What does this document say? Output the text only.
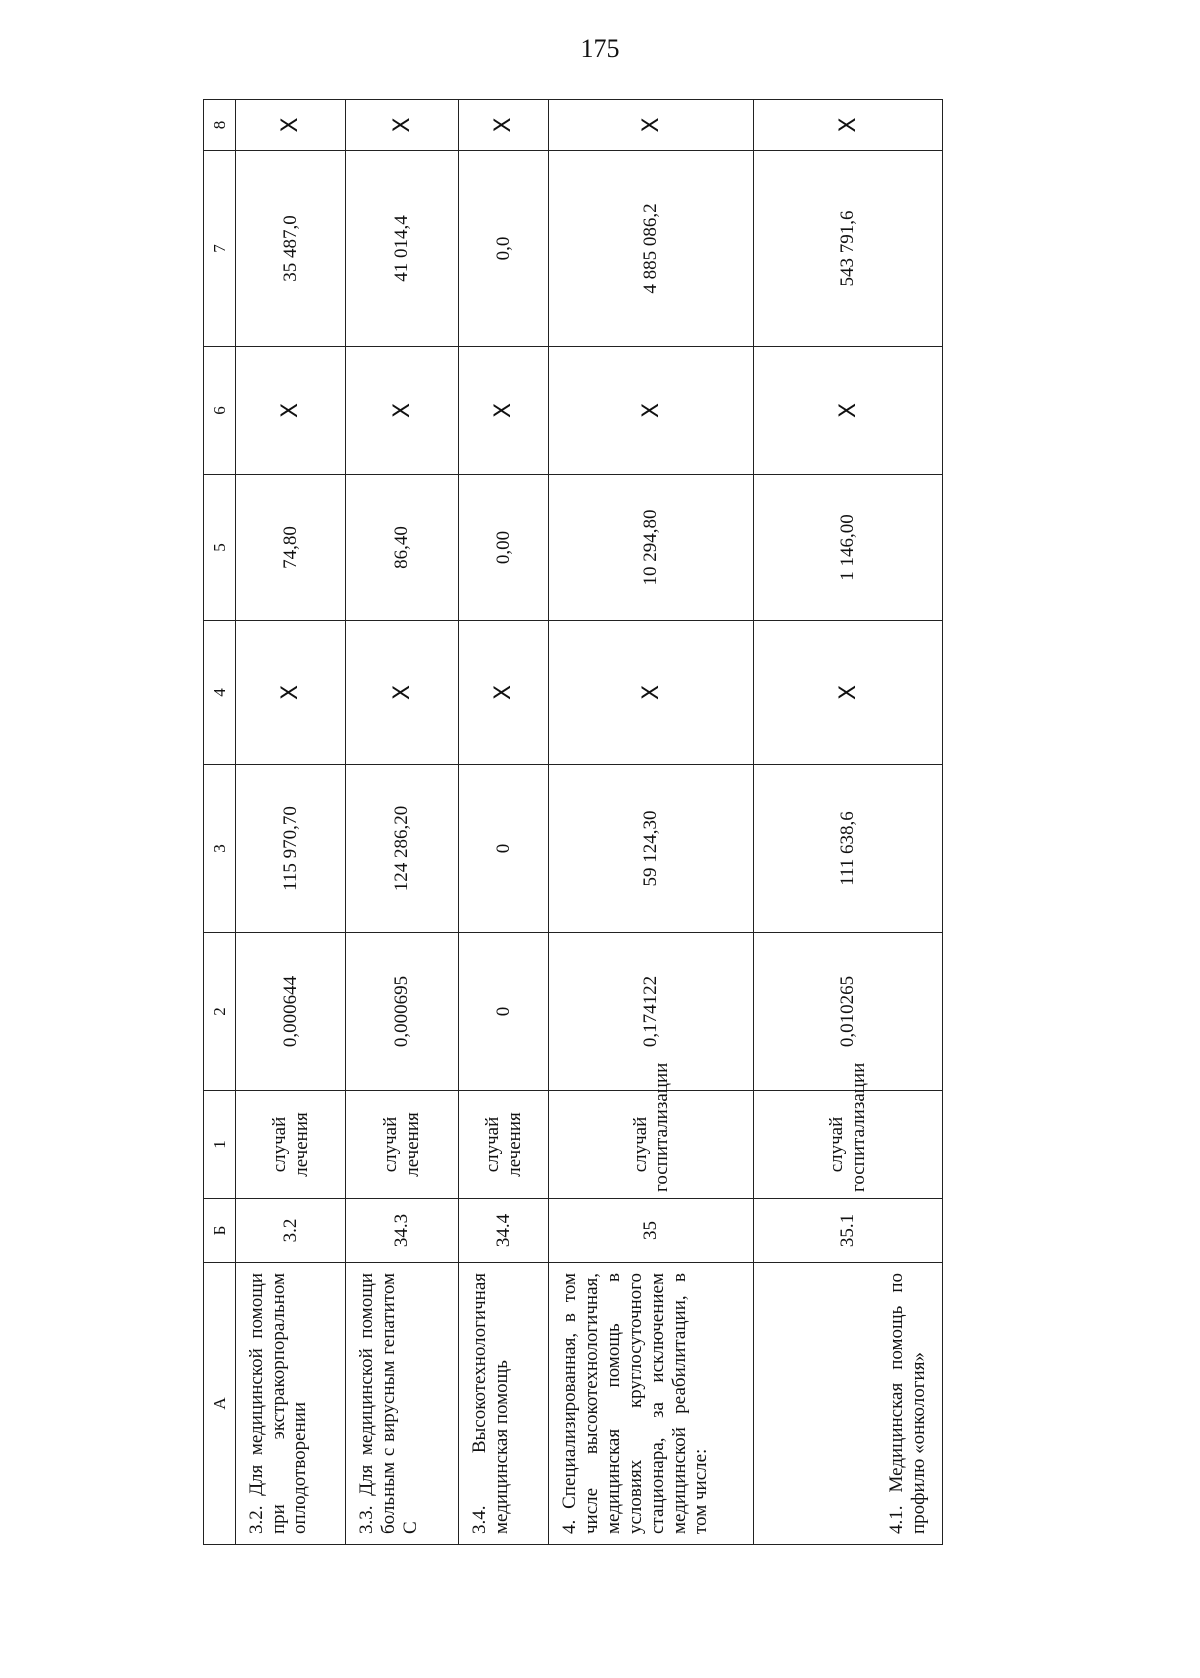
175
А	Б	1	2	3	4	5	6	7	8
3.2. Для медицинской помощи при экстракорпоральном оплодотворении	3.2	случай лечения	0,000644	115 970,70	X	74,80	X	35 487,0	X
3.3. Для медицинской помощи больным с вирусным гепатитом С	34.3	случай лечения	0,000695	124 286,20	X	86,40	X	41 014,4	X
3.4. Высокотехнологичная медицинская помощь	34.4	случай лечения	0	0	X	0,00	X	0,0	X
4. Специализированная, в том числе высокотехнологичная, медицинская помощь в условиях круглосуточного стационара, за исключением медицинской реабилитации, в том числе:	35	случай госпитализации	0,174122	59 124,30	X	10 294,80	X	4 885 086,2	X
4.1. Медицинская помощь по профилю «онкология»	35.1	случай госпитализации	0,010265	111 638,6	X	1 146,00	X	543 791,6	X
